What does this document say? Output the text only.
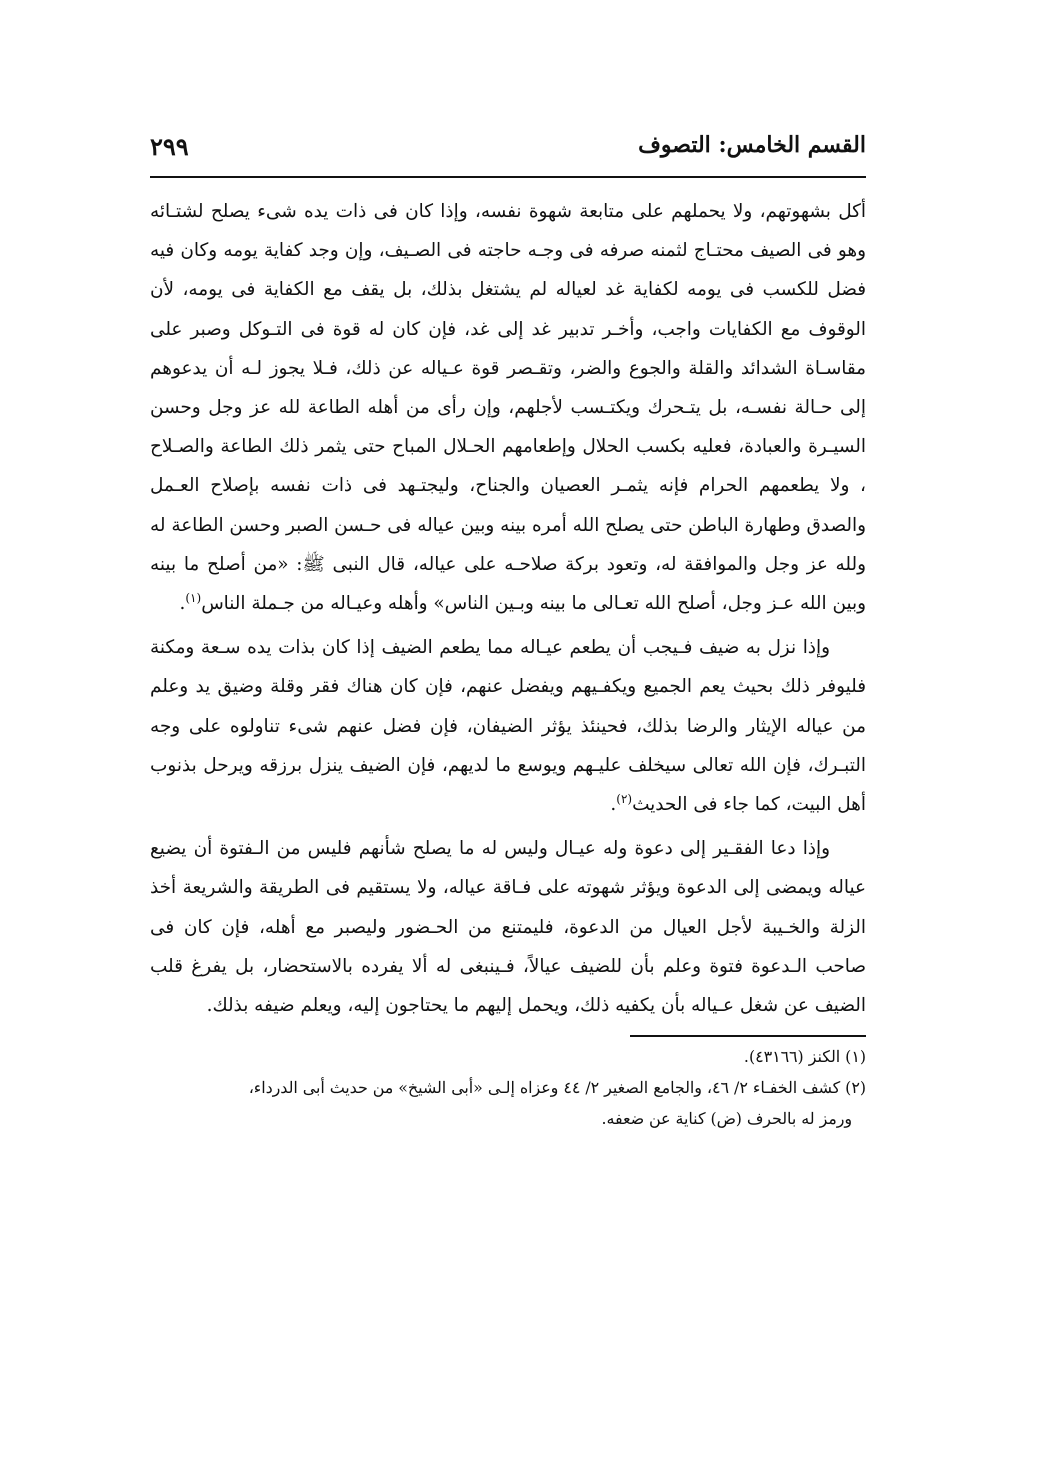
القسم الخامس: التصوف
٢٩٩

أكل بشهوتهم، ولا يحملهم على متابعة شهوة نفسه، وإذا كان فى ذات يده شىء يصلح لشتـائه وهو فى الصيف محتـاج لثمنه صرفه فى وجـه حاجته فى الصـيف، وإن وجد كفاية يومه وكان فيه فضل للكسب فى يومه لكفاية غد لعياله لم يشتغل بذلك، بل يقف مع الكفاية فى يومه، لأن الوقوف مع الكفايات واجب، وأخـر تدبير غد إلى غد، فإن كان له قوة فى التـوكل وصبر على مقاسـاة الشدائد والقلة والجوع والضر، وتقـصر قوة عـياله عن ذلك، فـلا يجوز لـه أن يدعوهم إلى حـالة نفسـه، بل يتـحرك ويكتـسب لأجلهم، وإن رأى من أهله الطاعة لله عز وجل وحسن السيـرة والعبادة، فعليه بكسب الحلال وإطعامهم الحـلال المباح حتى يثمر ذلك الطاعة والصـلاح ، ولا يطعمهم الحرام فإنه يثمـر العصيان والجناح، وليجتـهد فى ذات نفسه بإصلاح العـمل والصدق وطهارة الباطن حتى يصلح الله أمره بينه وبين عياله فى حـسن الصبر وحسن الطاعة له ولله عز وجل والموافقة له، وتعود بركة صلاحـه على عياله، قال النبى ﷺ: «من أصلح ما بينه وبين الله عـز وجل، أصلح الله تعـالى ما بينه وبـين الناس» وأهله وعيـاله من جـملة الناس$^{(١)}$.

وإذا نزل به ضيف فـيجب أن يطعم عيـاله مما يطعم الضيف إذا كان بذات يده سـعة ومكنة فليوفر ذلك بحيث يعم الجميع ويكفـيهم ويفضل عنهم، فإن كان هناك فقر وقلة وضيق يد وعلم من عياله الإيثار والرضا بذلك، فحينئذ يؤثر الضيفان، فإن فضل عنهم شىء تناولوه على وجه التبـرك، فإن الله تعالى سيخلف عليـهم ويوسع ما لديهم، فإن الضيف ينزل برزقه ويرحل بذنوب أهل البيت، كما جاء فى الحديث$^{(٢)}$.

وإذا دعا الفقـير إلى دعوة وله عيـال وليس له ما يصلح شأنهم فليس من الـفتوة أن يضيع عياله ويمضى إلى الدعوة ويؤثر شهوته على فـاقة عياله، ولا يستقيم فى الطريقة والشريعة أخذ الزلة والخـيبة لأجل العيال من الدعوة، فليمتنع من الحـضور وليصبر مع أهله، فإن كان فى صاحب الـدعوة فتوة وعلم بأن للضيف عيالاً، فـينبغى له ألا يفرده بالاستحضار، بل يفرغ قلب الضيف عن شغل عـياله بأن يكفيه ذلك، ويحمل إليهم ما يحتاجون إليه، ويعلم ضيفه بذلك.

(١) الكنز (٤٣١٦٦).

(٢) كشف الخفـاء ٢/ ٤٦، والجامع الصغير ٢/ ٤٤ وعزاه إلـى «أبى الشيخ» من حديث أبى الدرداء،

ورمز له بالحرف (ض) كناية عن ضعفه.
